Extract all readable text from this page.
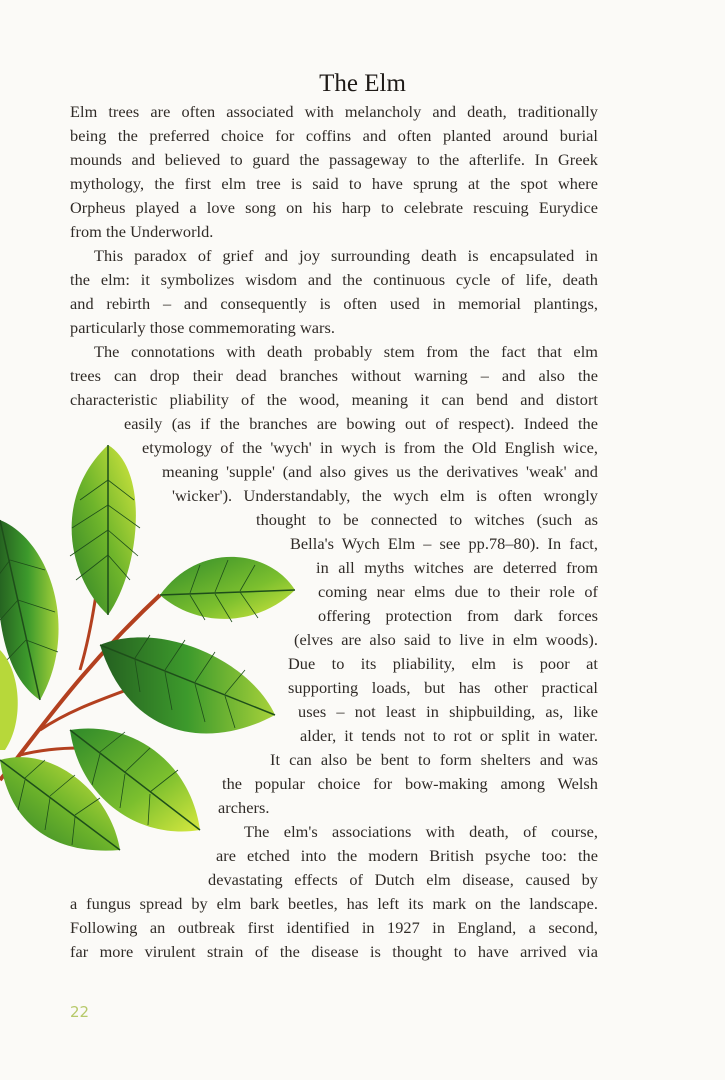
The Elm
Elm trees are often associated with melancholy and death, traditionally
being the preferred choice for coffins and often planted around burial
mounds and believed to guard the passageway to the afterlife. In Greek
mythology, the first elm tree is said to have sprung at the spot where
Orpheus played a love song on his harp to celebrate rescuing Eurydice
from the Underworld.
This paradox of grief and joy surrounding death is encapsulated in
the elm: it symbolizes wisdom and the continuous cycle of life, death
and rebirth – and consequently is often used in memorial plantings,
particularly those commemorating wars.
The connotations with death probably stem from the fact that elm
trees can drop their dead branches without warning – and also the
characteristic pliability of the wood, meaning it can bend and distort
easily (as if the branches are bowing out of respect). Indeed the
etymology of the 'wych' in wych is from the Old English wice,
meaning 'supple' (and also gives us the derivatives 'weak' and
'wicker'). Understandably, the wych elm is often wrongly
thought to be connected to witches (such as
Bella's Wych Elm – see pp.78–80). In fact,
in all myths witches are deterred from
coming near elms due to their role of
offering protection from dark forces
(elves are also said to live in elm woods).
Due to its pliability, elm is poor at
supporting loads, but has other practical
uses – not least in shipbuilding, as, like
alder, it tends not to rot or split in water.
It can also be bent to form shelters and was
the popular choice for bow-making among Welsh
archers.
The elm's associations with death, of course,
are etched into the modern British psyche too: the
devastating effects of Dutch elm disease, caused by
a fungus spread by elm bark beetles, has left its mark on the landscape.
Following an outbreak first identified in 1927 in England, a second,
far more virulent strain of the disease is thought to have arrived via
22
